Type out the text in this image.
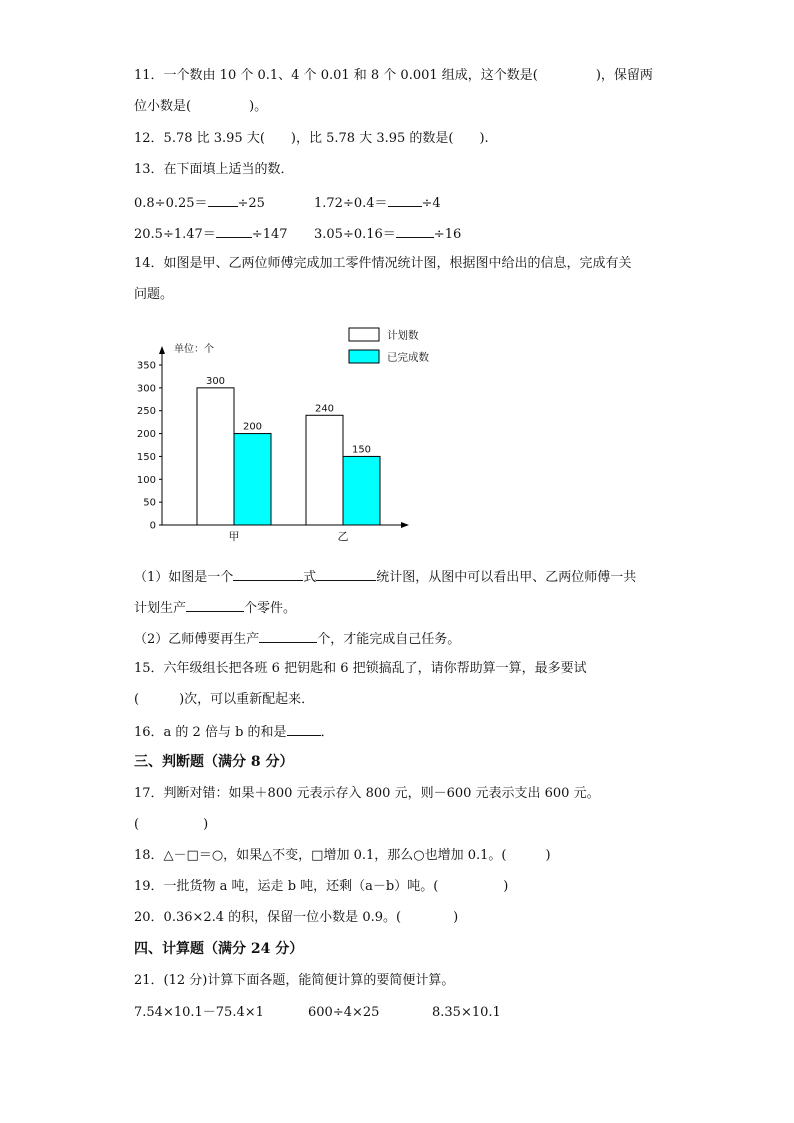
11．一个数由 10 个 0.1、4 个 0.01 和 8 个 0.001 组成，这个数是(	)，保留两
位小数是(	)。
12．5.78 比 3.95 大(　　)，比 5.78 大 3.95 的数是(　　).
13．在下面填上适当的数．
0.8÷0.25＝ ÷25	1.72÷0.4＝	÷4
20.5÷1.47＝	÷147 3.05÷0.16＝	÷16
14．如图是甲、乙两位师傅完成加工零件情况统计图，根据图中给出的信息，完成有关
问题。
单位：个
0
50
100
150
200
250
300
350
300
200
甲
240
150
乙
计划数
已完成数
（1）如图是一个	式	统计图，从图中可以看出甲、乙两位师傅一共
计划生产	个零件。
（2）乙师傅要再生产	个，才能完成自己任务。
15．六年级组长把各班 6 把钥匙和 6 把锁搞乱了，请你帮助算一算，最多要试
(	)次，可以重新配起来．
16．a 的 2 倍与 b 的和是	．
三、判断题（满分 8 分）
17．判断对错：如果＋800 元表示存入 800 元，则－600 元表示支出 600 元。
(	)
18．△－□＝○，如果△不变，□增加 0.1，那么○也增加 0.1。(　　　)
19．一批货物 a 吨，运走 b 吨，还剩（a－b）吨。(　　　　　)
20．0.36×2.4 的积，保留一位小数是 0.9。(　　　　)
四、计算题（满分 24 分）
21．(12 分)计算下面各题，能简便计算的要简便计算。
7.54×10.1－75.4×1	600÷4×25	8.35×10.1
